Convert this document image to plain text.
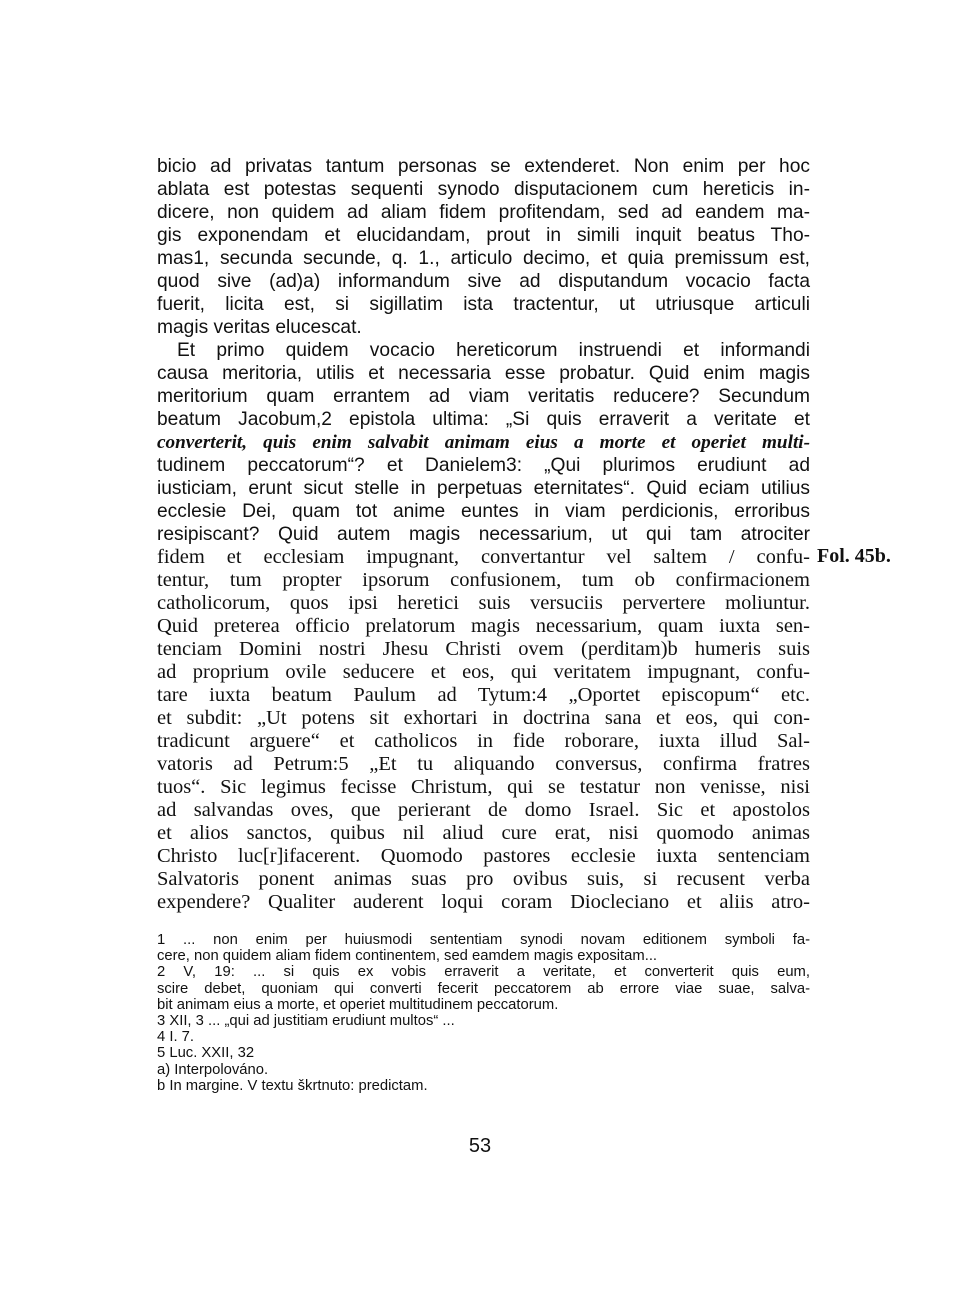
bicio ad privatas tantum personas se extenderet. Non enim per hoc
ablata est potestas sequenti synodo disputacionem cum hereticis in-
dicere, non quidem ad aliam fidem profitendam, sed ad eandem ma-
gis exponendam et elucidandam, prout in simili inquit beatus Tho-
mas1, secunda secunde, q. 1., articulo decimo, et quia premissum est,
quod sive (ad)a) informandum sive ad disputandum vocacio facta
fuerit, licita est, si sigillatim ista tractentur, ut utriusque articuli
magis veritas elucescat.
Et primo quidem vocacio hereticorum instruendi et informandi
causa meritoria, utilis et necessaria esse probatur. Quid enim magis
meritorium quam errantem ad viam veritatis reducere? Secundum
beatum Jacobum,2 epistola ultima: „Si quis erraverit a veritate et
converterit, quis enim salvabit animam eius a morte et operiet multi-
tudinem peccatorum“? et Danielem3: „Qui plurimos erudiunt ad
iusticiam, erunt sicut stelle in perpetuas eternitates“. Quid eciam utilius
ecclesie Dei, quam tot anime euntes in viam perdicionis, erroribus
resipiscant? Quid autem magis necessarium, ut qui tam atrociter
fidem et ecclesiam impugnant, convertantur vel saltem / confu-
tentur, tum propter ipsorum confusionem, tum ob confirmacionem
catholicorum, quos ipsi heretici suis versuciis pervertere moliuntur.
Quid preterea officio prelatorum magis necessarium, quam iuxta sen-
tenciam Domini nostri Jhesu Christi ovem (perditam)b humeris suis
ad proprium ovile seducere et eos, qui veritatem impugnant, confu-
tare iuxta beatum Paulum ad Tytum:4 „Oportet episcopum“ etc.
et subdit: „Ut potens sit exhortari in doctrina sana et eos, qui con-
tradicunt arguere“ et catholicos in fide roborare, iuxta illud Sal-
vatoris ad Petrum:5 „Et tu aliquando conversus, confirma fratres
tuos“. Sic legimus fecisse Christum, qui se testatur non venisse, nisi
ad salvandas oves, que perierant de domo Israel. Sic et apostolos
et alios sanctos, quibus nil aliud cure erat, nisi quomodo animas
Christo luc[r]ifacerent. Quomodo pastores ecclesie iuxta sentenciam
Salvatoris ponent animas suas pro ovibus suis, si recusent verba
expendere? Qualiter auderent loqui coram Diocleciano et aliis atro-
Fol. 45b.
1 ... non enim per huiusmodi sententiam synodi novam editionem symboli fa-
cere, non quidem aliam fidem continentem, sed eamdem magis expositam...
2 V, 19: ... si quis ex vobis erraverit a veritate, et converterit quis eum,
scire debet, quoniam qui converti fecerit peccatorem ab errore viae suae, salva-
bit animam eius a morte, et operiet multitudinem peccatorum.
3 XII, 3 ... „qui ad justitiam erudiunt multos“ ...
4 I. 7.
5 Luc. XXII, 32
a) Interpolováno.
b In margine. V textu škrtnuto: predictam.
53
